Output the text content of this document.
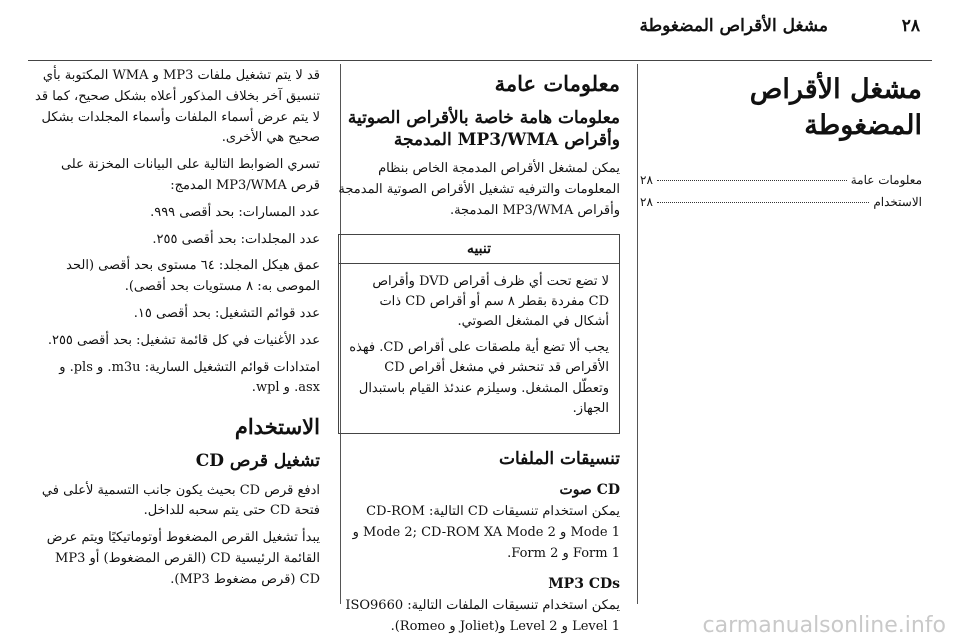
٢٨
مشغل الأقراص المضغوطة
مشغل الأقراص المضغوطة
معلومات عامة
٢٨
الاستخدام
٢٨
معلومات عامة
معلومات هامة خاصة بالأقراص الصوتية وأقراص MP3/WMA المدمجة

يمكن لمشغل الأقراص المدمجة الخاص بنظام المعلومات والترفيه تشغيل الأقراص الصوتية المدمجة وأقراص MP3/WMA المدمجة.

تنبيه

لا تضع تحت أي ظرف أقراص DVD وأقراص CD مفردة بقطر ٨ سم أو أقراص CD ذات أشكال في المشغل الصوتي.

يجب ألا تضع أية ملصقات على أقراص CD. فهذه الأقراص قد تنحشر في مشغل أقراص CD وتعطّل المشغل. وسيلزم عندئذ القيام باستبدال الجهاز.

تنسيقات الملفات
CD صوت

يمكن استخدام تنسيقات CD التالية: CD-ROM Mode 1 و Mode 2; CD-ROM XA Mode 2 و Form 1 و Form 2.

MP3 CDs

يمكن استخدام تنسيقات الملفات التالية: ISO9660 Level 1 و Level 2 و(Joliet و Romeo).

قد لا يتم تشغيل ملفات MP3 و WMA المكتوبة بأي تنسيق آخر بخلاف المذكور أعلاه بشكل صحيح، كما قد لا يتم عرض أسماء الملفات وأسماء المجلدات بشكل صحيح هي الأخرى.

تسري الضوابط التالية على البيانات المخزنة على قرص MP3/WMA المدمج:

عدد المسارات: بحد أقصى ٩٩٩.

عدد المجلدات: بحد أقصى ٢٥٥.

عمق هيكل المجلد: ٦٤ مستوى بحد أقصى (الحد الموصى به: ٨ مستويات بحد أقصى).

عدد قوائم التشغيل: بحد أقصى ١٥.

عدد الأغنيات في كل قائمة تشغيل: بحد أقصى ٢٥٥.

امتدادات قوائم التشغيل السارية: m3u. و pls. و asx. و wpl.

الاستخدام
تشغيل قرص CD

ادفع قرص CD بحيث يكون جانب التسمية لأعلى في فتحة CD حتى يتم سحبه للداخل.

يبدأ تشغيل القرص المضغوط أوتوماتيكيًا ويتم عرض القائمة الرئيسية CD (القرص المضغوط) أو MP3 CD (قرص مضغوط MP3).

carmanualsonline.info
